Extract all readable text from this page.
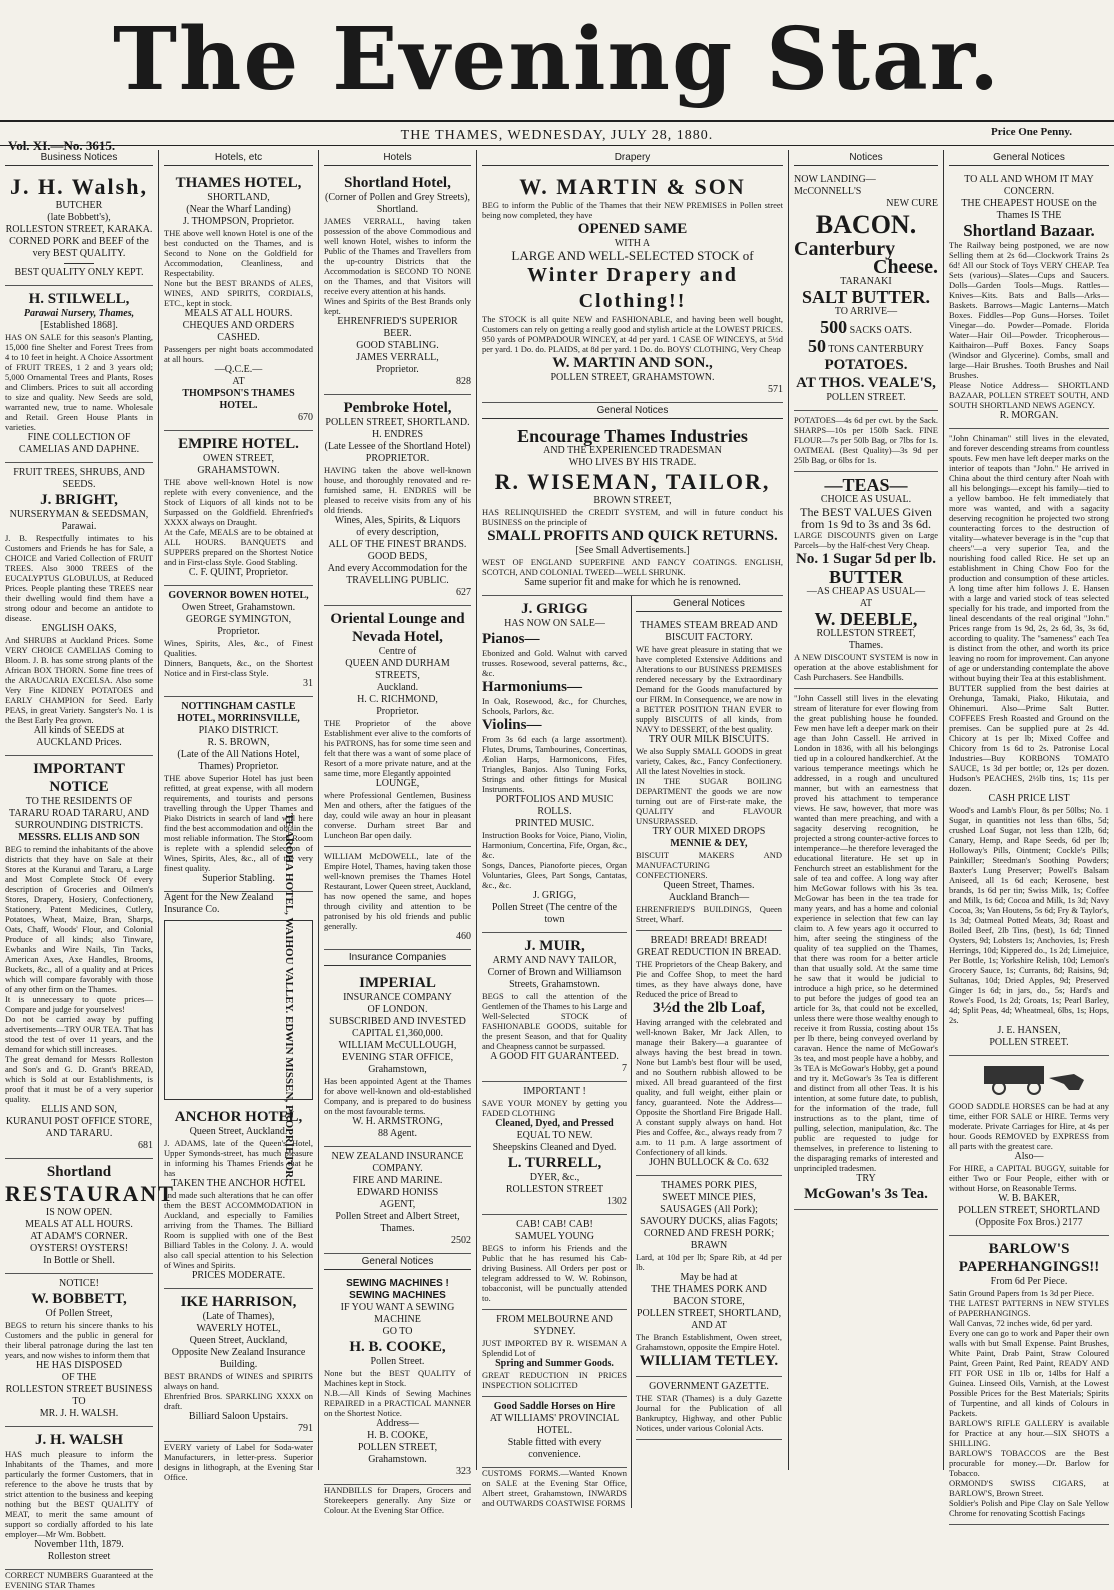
The Evening Star.
Vol. XI.—No. 3615.
THE THAMES, WEDNESDAY, JULY 28, 1880.	Price One Penny.
Business Notices
J. H. Walsh,
BUTCHER
(late Bobbett's),
ROLLESTON STREET, KARAKA.
CORNED PORK and BEEF of the very BEST QUALITY.
BEST QUALITY ONLY KEPT.
H. STILWELL,
Parawai Nursery, Thames,
[Established 1868].
HAS ON SALE for this season's Planting, 15,000 fine Shelter and Forest Trees from 4 to 10 feet in height. A Choice Assortment of FRUIT TREES, 1 2 and 3 years old; 5,000 Ornamental Trees and Plants, Roses and Climbers. Prices to suit all according to size and quality. New Seeds are sold, warranted new, true to name. Wholesale and Retail. Green House Plants in varieties.
FINE COLLECTION OF CAMELIAS AND DAPHNE.
FRUIT TREES, SHRUBS, AND SEEDS.
J. BRIGHT,
NURSERYMAN & SEEDSMAN,
Parawai.
J. B. Respectfully intimates to his Customers and Friends he has for Sale, a CHOICE and Varied Collection of FRUIT TREES. Also 3000 TREES of the EUCALYPTUS GLOBULUS, at Reduced Prices. People planting these TREES near their dwelling would find them have a strong odour and become an antidote to disease.
ENGLISH OAKS,
And SHRUBS at Auckland Prices. Some VERY CHOICE CAMELIAS Coming to Bloom. J. B. has some strong plants of the African BOX THORN. Some fine trees of the ARAUCARIA EXCELSA. Also some Very Fine KIDNEY POTATOES and EARLY CHAMPION for Seed. Early PEAS, in great Variety. Sangster's No. 1 is the Best Early Pea grown.
All kinds of SEEDS at AUCKLAND Prices.
IMPORTANT NOTICE
TO THE RESIDENTS OF TARARU ROAD TARARU, AND SURROUNDING DISTRICTS.
MESSRS. ELLIS AND SON
BEG to remind the inhabitants of the above districts that they have on Sale at their Stores at the Kuranui and Tararu, a Large and Most Complete Stock Of every description of Groceries and Oilmen's Stores, Drapery, Hosiery, Confectionery, Stationery, Patent Medicines, Cutlery, Potatoes, Wheat, Maize, Bran, Sharps, Oats, Chaff, Woods' Flour, and Colonial Produce of all kinds; also Tinware, Ewbanks and Wire Nails, Tin Tacks, American Axes, Axe Handles, Brooms, Buckets, &c., all of a quality and at Prices which will compare favorably with those of any other firm on the Thames.
It is unnecessary to quote prices—Compare and judge for yourselves!
Do not be carried away by puffing advertisements—TRY OUR TEA. That has stood the test of over 11 years, and the demand for which still increases.
The great demand for Messrs Rolleston and Son's and G. D. Grant's BREAD, which is Sold at our Establishments, is proof that it must be of a very superior quality.
ELLIS AND SON,
KURANUI POST OFFICE STORE, AND TARARU.
681
Shortland
RESTAURANT
IS NOW OPEN.
MEALS AT ALL HOURS.
AT ADAM'S CORNER.
OYSTERS! OYSTERS!
In Bottle or Shell.
NOTICE!
W. BOBBETT,
Of Pollen Street,
BEGS to return his sincere thanks to his Customers and the public in general for their liberal patronage during the last ten years, and now wishes to inform them that
HE HAS DISPOSED
OF THE
ROLLESTON STREET BUSINESS
TO
MR. J. H. WALSH.
J. H. WALSH
HAS much pleasure to inform the Inhabitants of the Thames, and more particularly the former Customers, that in reference to the above he trusts that by strict attention to the business and keeping nothing but the BEST QUALITY of MEAT, to merit the same amount of support so cordially afforded to his late employer—Mr Wm. Bobbett.
November 11th, 1879.
Rolleston street
CORRECT NUMBERS Guaranteed at the EVENING STAR Thames
Hotels, etc
THAMES HOTEL,
SHORTLAND,
(Near the Wharf Landing)
J. THOMPSON, Proprietor.
THE above well known Hotel is one of the best conducted on the Thames, and is Second to None on the Goldfield for Accommodation, Cleanliness, and Respectability.
None but the BEST BRANDS of ALES, WINES, AND SPIRITS, CORDIALS, ETC., kept in stock.
MEALS AT ALL HOURS.
CHEQUES AND ORDERS CASHED.
Passengers per night boats accommodated at all hours.
—Q.C.E.—
AT
THOMPSON'S THAMES HOTEL.
670
EMPIRE HOTEL.
OWEN STREET, GRAHAMSTOWN.
THE above well-known Hotel is now replete with every convenience, and the Stock of Liquors of all kinds not to be Surpassed on the Goldfield. Ehrenfried's XXXX always on Draught.
At the Cafe, MEALS are to be obtained at ALL HOURS. BANQUETS and SUPPERS prepared on the Shortest Notice and in First-class Style. Good Stabling.
C. F. QUINT, Proprietor.
GOVERNOR BOWEN HOTEL,
Owen Street, Grahamstown.
GEORGE SYMINGTON,
Proprietor.
Wines, Spirits, Ales, &c., of Finest Qualities.
Dinners, Banquets, &c., on the Shortest Notice and in First-class Style.
31
NOTTINGHAM CASTLE HOTEL, MORRINSVILLE,
PIAKO DISTRICT.
R. S. BROWN,
(Late of the All Nations Hotel, Thames) Proprietor.
THE above Superior Hotel has just been refitted, at great expense, with all modern requirements, and tourists and persons travelling through the Upper Thames and Piako Districts in search of land will here find the best accommodation and obtain the most reliable information. The Store Room is replete with a splendid selection of Wines, Spirits, Ales, &c., all of the very finest quality.
Superior Stabling.
Agent for the New Zealand Insurance Co.	TE AROHA HOTEL, WAIHOU VALLEY. EDWIN MISSEN, PROPRIETOR.
ANCHOR HOTEL,
Queen Street, Auckland.
J. ADAMS, late of the Queen's Hotel, Upper Symonds-street, has much pleasure in informing his Thames Friends that he has
TAKEN THE ANCHOR HOTEL
and made such alterations that he can offer them the BEST ACCOMMODATION in Auckland, and especially to Families arriving from the Thames. The Billiard Room is supplied with one of the Best Billiard Tables in the Colony. J. A. would also call special attention to his Selection of Wines and Spirits.
PRICES MODERATE.
IKE HARRISON,
(Late of Thames),
WAVERLY HOTEL,
Queen Street, Auckland,
Opposite New Zealand Insurance Building.
BEST BRANDS of WINES and SPIRITS always on hand.
Ehrenfried Bros. SPARKLING XXXX on draft.
Billiard Saloon Upstairs.
791
EVERY variety of Label for Soda-water Manufacturers, in letter-press. Superior designs in lithograph, at the Evening Star Office.
Hotels
Shortland Hotel,
(Corner of Pollen and Grey Streets),
Shortland.
JAMES VERRALL, having taken possession of the above Commodious and well known Hotel, wishes to inform the Public of the Thames and Travellers from the up-country Districts that the Accommodation is SECOND TO NONE on the Thames, and that Visitors will receive every attention at his hands.
Wines and Spirits of the Best Brands only kept.
EHRENFRIED'S SUPERIOR BEER.
GOOD STABLING.
JAMES VERRALL,
Proprietor.
828
Pembroke Hotel,
POLLEN STREET, SHORTLAND.
H. ENDRES
(Late Lessee of the Shortland Hotel)
PROPRIETOR.
HAVING taken the above well-known house, and thoroughly renovated and re-furnished same, H. ENDRES will be pleased to receive visits from any of his old friends.
Wines, Ales, Spirits, & Liquors
of every description,
ALL OF THE FINEST BRANDS.
GOOD BEDS,
And every Accommodation for the
TRAVELLING PUBLIC.
627
Oriental Lounge and Nevada Hotel,
Centre of
QUEEN AND DURHAM STREETS,
Auckland.
H. C. RICHMOND,
Proprietor.
THE Proprietor of the above Establishment ever alive to the comforts of his PATRONS, has for some time seen and felt that there was a want of some place of Resort of a more private nature, and at the same time, more Elegantly appointed
LOUNGE,
where Professional Gentlemen, Business Men and others, after the fatigues of the day, could wile away an hour in pleasant converse. Durham street Bar and Luncheon Bar open daily.
WILLIAM McDOWELL, late of the Empire Hotel, Thames, having taken those well-known premises the Thames Hotel Restaurant, Lower Queen street, Auckland, has now opened the same, and hopes through civility and attention to be patronised by his old friends and public generally.
460
Insurance Companies
IMPERIAL
INSURANCE COMPANY
OF LONDON.
SUBSCRIBED AND INVESTED
CAPITAL £1,360,000.
WILLIAM McCULLOUGH,
EVENING STAR OFFICE,
Grahamstown,
Has been appointed Agent at the Thames for above well-known and old-established Company, and is prepared to do business on the most favourable terms.
W. H. ARMSTRONG,
88 Agent.
NEW ZEALAND INSURANCE COMPANY.
FIRE AND MARINE.
EDWARD HONISS
AGENT,
Pollen Street and Albert Street,
Thames.
2502
General Notices
SEWING MACHINES !
SEWING MACHINES
IF YOU WANT A SEWING MACHINE
GO TO
H. B. COOKE,
Pollen Street.
None but the BEST QUALITY of Machines kept in Stock.
N.B.—All Kinds of Sewing Machines REPAIRED in a PRACTICAL MANNER on the Shortest Notice.
Address—
H. B. COOKE,
POLLEN STREET,
Grahamstown.
323
HANDBILLS for Drapers, Grocers and Storekeepers generally. Any Size or Colour. At the Evening Star Office.
Drapery
W. MARTIN & SON
BEG to inform the Public of the Thames that their NEW PREMISES in Pollen street being now completed, they have
OPENED SAME
WITH A
LARGE AND WELL-SELECTED STOCK of
Winter Drapery and Clothing!!
The STOCK is all quite NEW and FASHIONABLE, and having been well bought, Customers can rely on getting a really good and stylish article at the LOWEST PRICES.
950 yards of POMPADOUR WINCEY, at 4d per yard. 1 CASE OF WINCEYS, at 5½d per yard. 1 Do. do. PLAIDS, at 8d per yard. 1 Do. do. BOYS' CLOTHING, Very Cheap
W. MARTIN AND SON.,
POLLEN STREET, GRAHAMSTOWN.
571
General Notices
Encourage Thames Industries
AND THE EXPERIENCED TRADESMAN
WHO LIVES BY HIS TRADE.
R. WISEMAN, TAILOR,
BROWN STREET,
HAS RELINQUISHED the CREDIT SYSTEM, and will in future conduct his BUSINESS on the principle of
SMALL PROFITS AND QUICK RETURNS.
[See Small Advertisements.]
WEST OF ENGLAND SUPERFINE AND FANCY COATINGS. ENGLISH, SCOTCH, AND COLONIAL TWEED—WELL SHRUNK.
Same superior fit and make for which he is renowned.
J. GRIGG
HAS NOW ON SALE—
Pianos—
Ebonized and Gold. Walnut with carved trusses. Rosewood, several patterns, &c., &c.
Harmoniums—
In Oak, Rosewood, &c., for Churches, Schools, Parlors, &c.
Violins—
From 3s 6d each (a large assortment). Flutes, Drums, Tambourines, Concertinas, Æolian Harps, Harmonicons, Fifes, Triangles, Banjos. Also Tuning Forks, Strings and other fittings for Musical Instruments.
PORTFOLIOS AND MUSIC ROLLS.
PRINTED MUSIC.
Instruction Books for Voice, Piano, Violin, Harmonium, Concertina, Fife, Organ, &c., &c.
Songs, Dances, Pianoforte pieces, Organ Voluntaries, Glees, Part Songs, Cantatas, &c., &c.
J. GRIGG,
Pollen Street (The centre of the town
J. MUIR,
ARMY AND NAVY TAILOR,
Corner of Brown and Williamson Streets, Grahamstown.
BEGS to call the attention of the Gentlemen of the Thames to his Large and Well-Selected STOCK of FASHIONABLE GOODS, suitable for the present Season, and that for Quality and Cheapness cannot be surpassed.
A GOOD FIT GUARANTEED.
7
IMPORTANT !
SAVE YOUR MONEY by getting you FADED CLOTHING
Cleaned, Dyed, and Pressed
EQUAL TO NEW.
Sheepskins Cleaned and Dyed.
L. TURRELL,
DYER, &c.,
ROLLESTON STREET
1302
CAB! CAB! CAB!
SAMUEL YOUNG
BEGS to inform his Friends and the Public that he has resumed his Cab-driving Business. All Orders per post or telegram addressed to W. W. Robinson, tobacconist, will be punctually attended to.
FROM MELBOURNE AND SYDNEY.
JUST IMPORTED BY R. WISEMAN A Splendid Lot of
Spring and Summer Goods.
GREAT REDUCTION IN PRICES INSPECTION SOLICITED
Good Saddle Horses on Hire
AT WILLIAMS' PROVINCIAL HOTEL.
Stable fitted with every convenience.
CUSTOMS FORMS.—Wanted Known on SALE at the Evening Star Office, Albert street, Grahamstown, INWARDS and OUTWARDS COASTWISE FORMS
General Notices
THAMES STEAM BREAD AND BISCUIT FACTORY.
WE have great pleasure in stating that we have completed Extensive Additions and Alterations to our BUSINESS PREMISES rendered necessary by the Extraordinary Demand for the Goods manufactured by our FIRM. In Consequence, we are now in a BETTER POSITION THAN EVER to supply BISCUITS of all kinds, from NAVY to DESSERT, of the best quality.
TRY OUR MILK BISCUITS.
We also Supply SMALL GOODS in great variety, Cakes, &c., Fancy Confectionery. All the latest Novelties in stock.
IN THE SUGAR BOILING DEPARTMENT the goods we are now turning out are of First-rate make, the QUALITY and FLAVOUR UNSURPASSED.
TRY OUR MIXED DROPS
MENNIE & DEY,
BISCUIT MAKERS AND MANUFACTURING CONFECTIONERS.
Queen Street, Thames.
Auckland Branch—
EHRENFRIED'S BUILDINGS, Queen Street, Wharf.
BREAD! BREAD! BREAD!
GREAT REDUCTION IN BREAD.
THE Proprietors of the Cheap Bakery, and Pie and Coffee Shop, to meet the hard times, as they have always done, have Reduced the price of Bread to
3½d the 2lb Loaf,
Having arranged with the celebrated and well-known Baker, Mr Jack Allen, to manage their Bakery—a guarantee of always having the best bread in town. None but Lamb's best flour will be used, and no Southern rubbish allowed to be mixed. All bread guaranteed of the first quality, and full weight, either plain or fancy, guaranteed. Note the Address—Opposite the Shortland Fire Brigade Hall. A constant supply always on hand. Hot Pies and Coffee, &c., always ready from 7 a.m. to 11 p.m. A large assortment of Confectionery of all kinds.
JOHN BULLOCK & Co. 632
THAMES PORK PIES,
SWEET MINCE PIES,
SAUSAGES (All Pork);
SAVOURY DUCKS, alias Fagots;
CORNED AND FRESH PORK; BRAWN
Lard, at 10d per lb; Spare Rib, at 4d per lb.
May be had at
THE THAMES PORK AND BACON STORE,
POLLEN STREET, SHORTLAND,
AND AT
The Branch Establishment, Owen street, Grahamstown, opposite the Empire Hotel.
WILLIAM TETLEY.
GOVERNMENT GAZETTE.
THE STAR (Thames) is a duly Gazette Journal for the Publication of all Bankruptcy, Highway, and other Public Notices, under various Colonial Acts.
Notices
NOW LANDING—
McCONNELL'S
NEW CURE
BACON.
Canterbury
Cheese.
TARANAKI
SALT BUTTER.
TO ARRIVE—
500 SACKS OATS.
50 TONS CANTERBURY
POTATOES.
AT THOS. VEALE'S,
POLLEN STREET.
POTATOES—4s 6d per cwt. by the Sack. SHARPS—10s per 150lb Sack. FINE FLOUR—7s per 50lb Bag, or 7lbs for 1s. OATMEAL (Best Quality)—3s 9d per 25lb Bag, or 6lbs for 1s.
—TEAS—
CHOICE AS USUAL.
The BEST VALUES Given from 1s 9d to 3s and 3s 6d.
LARGE DISCOUNTS given on Large Parcels—by the Half-chest Very Cheap.
No. 1 Sugar 5d per lb.
BUTTER
—AS CHEAP AS USUAL—
AT
W. DEEBLE,
ROLLESTON STREET,
Thames.
A NEW DISCOUNT SYSTEM is now in operation at the above establishment for Cash Purchasers. See Handbills.
"John Cassell still lives in the elevating stream of literature for ever flowing from the great publishing house he founded. Few men have left a deeper mark on their age than John Cassell. He arrived in London in 1836, with all his belongings tied up in a coloured handkerchief. At the various temperance meetings which he addressed, in a rough and uncultured manner, but with an earnestness that proved his attachment to temperance views. He saw, however, that more was wanted than mere preaching, and with a sagacity deserving recognition, he projected a strong counter-active forces to intemperance—he therefore leveraged the educational literature. He set up in Fenchurch street an establishment for the sale of tea and coffee. A long way after him McGowar follows with his 3s tea. McGowar has been in the tea trade for many years, and has a home and colonial experience in selection that few can lay claim to. A few years ago it occurred to him, after seeing the stinginess of the quality of tea supplied on the Thames, that there was room for a better article than that usually sold. At the same time he saw that it would be judicial to introduce a high price, so he determined to put before the judges of good tea an article for 3s, that could not be excelled, unless there were those wealthy enough to receive it from Russia, costing about 15s per lb there, being conveyed overland by caravan. Hence the name of McGowar's 3s tea, and most people have a hobby, and 3s TEA is McGowar's Hobby, get a pound and try it. McGowar's 3s Tea is different and distinct from all other Teas. It is his intention, at some future date, to publish, for the information of the trade, full instructions as to the plant, time of pulling, selection, manipulation, &c. The public are requested to judge for themselves, in preference to listening to the disparaging remarks of interested and unprincipled tradesmen.
TRY
McGowan's 3s Tea.
General Notices
TO ALL AND WHOM IT MAY CONCERN.
THE CHEAPEST HOUSE on the Thames IS THE
Shortland Bazaar.
The Railway being postponed, we are now Selling them at 2s 6d—Clockwork Trains 2s 6d! All our Stock of Toys VERY CHEAP. Tea Sets (various)—Slates—Cups and Saucers. Dolls—Garden Tools—Mugs. Rattles—Knives—Kits. Bats and Balls—Arks—Baskets. Barrows—Magic Lanterns—Match Boxes. Fiddles—Pop Guns—Horses. Toilet Vinegar—do. Powder—Pomade. Florida Water—Hair Oil—Powder. Tricopherous—Kaithairon—Puff Boxes. Fancy Soaps (Windsor and Glycerine). Combs, small and large—Hair Brushes. Tooth Brushes and Nail Brushes.
Please Notice Address— SHORTLAND BAZAAR, POLLEN STREET SOUTH, AND SOUTH SHORTLAND NEWS AGENCY.
R. MORGAN.
"John Chinaman" still lives in the elevated, and forever descending streams from countless spouts. Few men have left deeper marks on the interior of teapots than "John." He arrived in China about the third century after Noah with all his belongings—except his family—tied to a yellow bamboo. He felt immediately that more was wanted, and with a sagacity deserving recognition he projected two strong counteracting forces to the destruction of vitality—whatever beverage is in the "cup that cheers"—a very superior Tea, and the nourishing food called Rice. He set up an establishment in Ching Chow Foo for the production and consumption of these articles. A long time after him follows J. E. Hansen with a large and varied stock of teas selected specially for his trade, and imported from the lineal descendants of the real original "John." Prices range from 1s 9d, 2s, 2s 6d, 3s, 3s 6d, according to quality. The "sameness" each Tea is distinct from the other, and worth its price leaving no room for improvement. Can anyone of age or understanding contemplate the above without buying their Tea at this establishment.
BUTTER supplied from the best dairies at Orehunga, Tamaki, Piako, Hikutaia, and Ohinemuri. Also—Prime Salt Butter. COFFEES Fresh Roasted and Ground on the premises. Can be supplied pure at 2s 4d. Chicory at 1s per lb; Mixed Coffee and Chicory from 1s 6d to 2s. Patronise Local Industries—Buy KORBONS TOMATO SAUCE, 1s 3d per bottle; or, 12s per dozen. Hudson's PEACHES, 2½lb tins, 1s; 11s per dozen.
CASH PRICE LIST
Wood's and Lamb's Flour, 8s per 50lbs; No. 1 Sugar, in quantities not less than 6lbs, 5d; crushed Loaf Sugar, not less than 12lb, 6d; Canary, Hemp, and Rape Seeds, 6d per lb; Holloway's Pills, Ointment; Cockle's Pills; Painkiller; Steedman's Soothing Powders; Baxter's Lung Preserver; Powell's Balsam Aniseed, all 1s 6d each; Kerosene, best brands, 1s 6d per tin; Swiss Milk, 1s; Coffee and Milk, 1s 6d; Cocoa and Milk, 1s 3d; Navy Cocoa, 3s; Van Houtens, 5s 6d; Fry & Taylor's, 1s 3d; Oatmeal Potted Meats, 3d; Roast and Boiled Beef, 2lb Tins, (best), 1s 6d; Tinned Oysters, 9d; Lobsters 1s; Anchovies, 1s; Fresh Herrings, 10d; Kippered do., 1s 2d; Limejuice, Per Bottle, 1s; Yorkshire Relish, 10d; Lemon's Grocery Sauce, 1s; Currants, 8d; Raisins, 9d; Sultanas, 10d; Dried Apples, 9d; Preserved Ginger 1s 6d; in jars, do., 5s; Hard's and Rowe's Food, 1s 2d; Groats, 1s; Pearl Barley, 4d; Split Peas, 4d; Wheatmeal, 6lbs, 1s; Hops, 2s.
J. E. HANSEN,
POLLEN STREET.
GOOD SADDLE HORSES can be had at any time, either FOR SALE or HIRE. Terms very moderate. Private Carriages for Hire, at 4s per hour. Goods REMOVED by EXPRESS from all parts with the greatest care.
Also—
For HIRE, a CAPITAL BUGGY, suitable for either Two or Four People, either with or without Horse, on Reasonable Terms.
W. B. BAKER,
POLLEN STREET, SHORTLAND
(Opposite Fox Bros.) 2177
BARLOW'S
PAPERHANGINGS!!
From 6d Per Piece.
Satin Ground Papers from 1s 3d per Piece.
THE LATEST PATTERNS in NEW STYLES of PAPERHANGINGS.
Wall Canvas, 72 inches wide, 6d per yard.
Every one can go to work and Paper their own walls with but Small Expense. Paint Brushes, White Paint, Drab Paint, Straw Coloured Paint, Green Paint, Red Paint, READY AND FIT FOR USE in 1lb or, 14lbs for Half a Guinea. Linseed Oils, Varnish, at the Lowest Possible Prices for the Best Materials; Spirits of Turpentine, and all kinds of Colours in Packets.
BARLOW'S RIFLE GALLERY is available for Practice at any hour.—SIX SHOTS a SHILLING.
BARLOW'S TOBACCOS are the Best procurable for money.—Dr. Barlow for Tobacco.
ORMOND'S SWISS CIGARS, at BARLOW'S, Brown Street.
Soldier's Polish and Pipe Clay on Sale Yellow Chrome for renovating Scottish Facings
